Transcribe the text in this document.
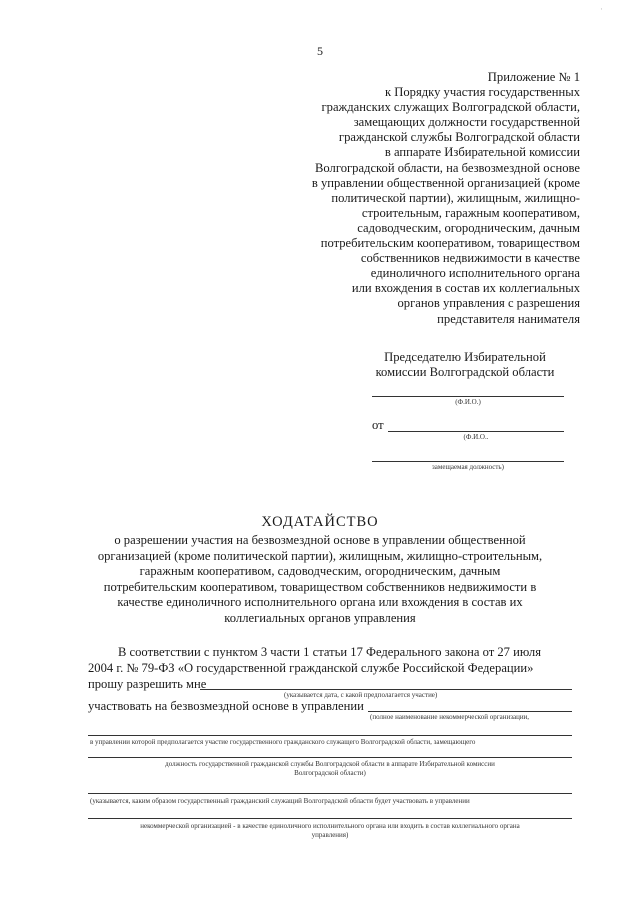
·
5
Приложение № 1
к Порядку участия государственных
гражданских служащих Волгоградской области,
замещающих должности государственной
гражданской службы Волгоградской области
в аппарате Избирательной комиссии
Волгоградской области, на безвозмездной основе
в управлении общественной организацией (кроме
политической партии), жилищным, жилищно-
строительным, гаражным кооперативом,
садоводческим, огородническим, дачным
потребительским кооперативом, товариществом
собственников недвижимости в качестве
единоличного исполнительного органа
или вхождения в состав их коллегиальных
органов управления с разрешения
представителя нанимателя
Председателю Избирательной
комиссии Волгоградской области
(Ф.И.О.)
от
(Ф.И.О..
замещаемая должность)
ХОДАТАЙСТВО
о разрешении участия на безвозмездной основе в управлении общественной
организацией (кроме политической партии), жилищным, жилищно-строительным,
гаражным кооперативом, садоводческим, огородническим, дачным
потребительским кооперативом, товариществом собственников недвижимости в
качестве единоличного исполнительного органа или вхождения в состав их
коллегиальных органов управления
В соответствии с пунктом 3 части 1 статьи 17 Федерального закона от 27 июля
2004 г. № 79-ФЗ «О государственной гражданской службе Российской Федерации»
прошу разрешить мне
(указывается дата, с какой предполагается участие)
участвовать на безвозмездной основе в управлении
(полное наименование некоммерческой организации,
в управлении которой предполагается участие государственного гражданского служащего Волгоградской области, замещающего
должность государственной гражданской службы Волгоградской области в аппарате Избирательной комиссии
Волгоградской области)
(указывается, каким образом государственный гражданский служащий Волгоградской области будет участвовать в управлении
некоммерческой организацией - в качестве единоличного исполнительного органа или входить в состав коллегиального органа
управления)
